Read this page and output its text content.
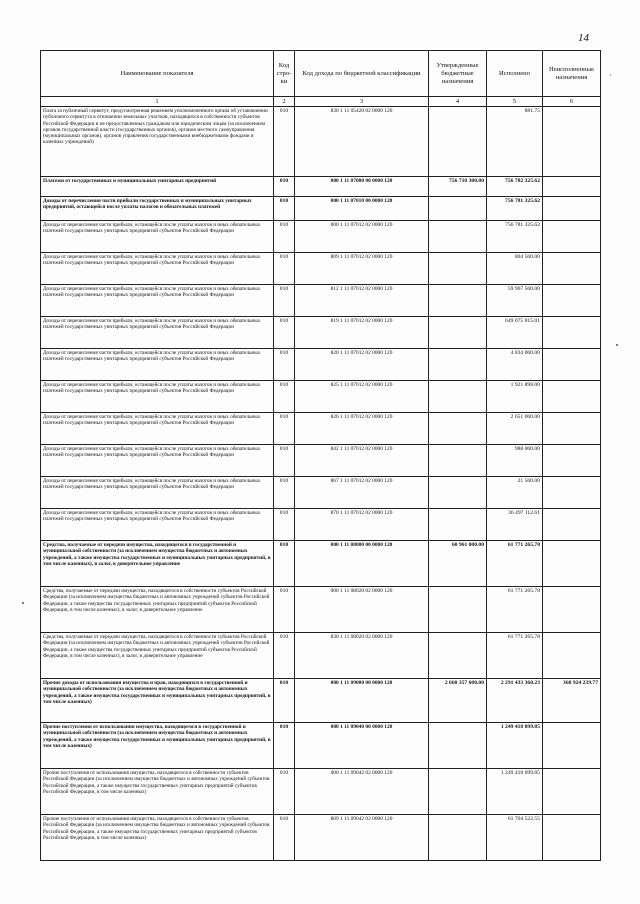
14
·
Наименование показателя	Код стро-ки	Код дохода по бюджетной классификации	Утвержденные бюджетные назначения	Исполнено	Неисполненные назначения
1	2	3	4	5	6
Плата за публичный сервитут, предусмотренная решением уполномоченного органа об установлении публичного сервитута в отношении земельных участков, находящихся в собственности субъектов Российской Федерации и не предоставленных гражданам или юридическим лицам (за исключением органов государственной власти (государственных органов), органов местного самоуправления (муниципальных органов), органов управления государственными внебюджетными фондами и казенных учреждений)	010	830 1 11 05420 02 0000 120		881.75	
Платежи от государственных и муниципальных унитарных предприятий	010	000 1 11 07000 00 0000 120	756 710 300.00	756 782 325.62	
Доходы от перечисления части прибыли государственных и муниципальных унитарных предприятий, остающейся после уплаты налогов и обязательных платежей	010	000 1 11 07010 00 0000 120		756 781 325.62	
Доходы от перечисления части прибыли, остающейся после уплаты налогов и иных обязательных платежей государственных унитарных предприятий субъектов Российской Федерации	010	000 1 11 07012 02 0000 120		756 781 325.62	
Доходы от перечисления части прибыли, остающейся после уплаты налогов и иных обязательных платежей государственных унитарных предприятий субъектов Российской Федерации	010	809 1 11 07012 02 0000 120		804 500.00	
Доходы от перечисления части прибыли, остающейся после уплаты налогов и иных обязательных платежей государственных унитарных предприятий субъектов Российской Федерации	010	812 1 11 07012 02 0000 120		59 967 500.00	
Доходы от перечисления части прибыли, остающейся после уплаты налогов и иных обязательных платежей государственных унитарных предприятий субъектов Российской Федерации	010	819 1 11 07012 02 0000 120		649 075 815.01	
Доходы от перечисления части прибыли, остающейся после уплаты налогов и иных обязательных платежей государственных унитарных предприятий субъектов Российской Федерации	010	820 1 11 07012 02 0000 120		4 834 000.00	
Доходы от перечисления части прибыли, остающейся после уплаты налогов и иных обязательных платежей государственных унитарных предприятий субъектов Российской Федерации	010	825 1 11 07012 02 0000 120		1 921 898.00	
Доходы от перечисления части прибыли, остающейся после уплаты налогов и иных обязательных платежей государственных унитарных предприятий субъектов Российской Федерации	010	826 1 11 07012 02 0000 120		2 651 000.00	
Доходы от перечисления части прибыли, остающейся после уплаты налогов и иных обязательных платежей государственных унитарных предприятий субъектов Российской Федерации	010	842 1 11 07012 02 0000 120		988 000.00	
Доходы от перечисления части прибыли, остающейся после уплаты налогов и иных обязательных платежей государственных унитарных предприятий субъектов Российской Федерации	010	867 1 11 07012 02 0000 120		21 500.00	
Доходы от перечисления части прибыли, остающейся после уплаты налогов и иных обязательных платежей государственных унитарных предприятий субъектов Российской Федерации	010	870 1 11 07012 02 0000 120		36 497 112.61	
Средства, получаемые от передачи имущества, находящегося в государственной и муниципальной собственности (за исключением имущества бюджетных и автономных учреждений, а также имущества государственных и муниципальных унитарных предприятий, в том числе казенных), в залог, в доверительное управление	010	000 1 11 08000 00 0000 120	60 961 000.00	61 771 265.78	
Средства, получаемые от передачи имущества, находящегося в собственности субъектов Российской Федерации (за исключением имущества бюджетных и автономных учреждений субъектов Российской Федерации, а также имущества государственных унитарных предприятий субъектов Российской Федерации, в том числе казенных), в залог, в доверительное управление	010	000 1 11 08020 02 0000 120		61 771 265.78	
Средства, получаемые от передачи имущества, находящегося в собственности субъектов Российской Федерации (за исключением имущества бюджетных и автономных учреждений субъектов Российской Федерации, а также имущества государственных унитарных предприятий субъектов Российской Федерации, в том числе казенных), в залог, в доверительное управление	010	830 1 11 08020 02 0000 120		61 771 265.78	
Прочие доходы от использования имущества и прав, находящихся в государственной и муниципальной собственности (за исключением имущества бюджетных и автономных учреждений, а также имущества государственных и муниципальных унитарных предприятий, в том числе казенных)	010	000 1 11 09000 00 0000 120	2 660 357 600.00	2 291 433 360.23	368 924 239.77
Прочие поступления от использования имущества, находящегося в государственной и муниципальной собственности (за исключением имущества бюджетных и автономных учреждений, а также имущества государственных и муниципальных унитарных предприятий, в том числе казенных)	010	000 1 11 09040 00 0000 120		1 249 418 099.85	
Прочие поступления от использования имущества, находящегося в собственности субъектов Российской Федерации (за исключением имущества бюджетных и автономных учреждений субъектов Российской Федерации, а также имущества государственных унитарных предприятий субъектов Российской Федерации, в том числе казенных)	010	000 1 11 09042 02 0000 120		1 249 418 099.85	
Прочие поступления от использования имущества, находящегося в собственности субъектов Российской Федерации (за исключением имущества бюджетных и автономных учреждений субъектов Российской Федерации, а также имущества государственных унитарных предприятий субъектов Российской Федерации, в том числе казенных)	010	809 1 11 09042 02 0000 120		61 704 522.55	
